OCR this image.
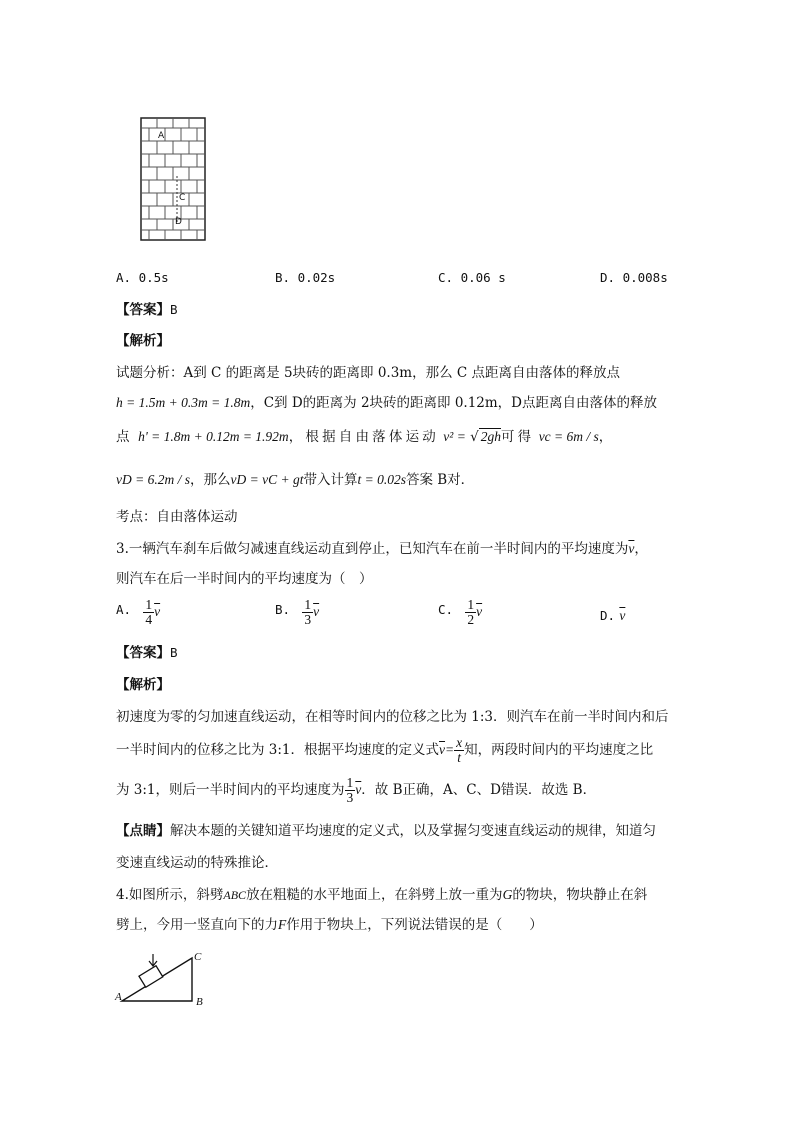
A
C
D
A. 0.5s	B. 0.02s	C. 0.06 s	D. 0.008s
【答案】B
【解析】
试题分析：A到 C 的距离是 5块砖的距离即 0.3m，那么 C 点距离自由落体的释放点
h = 1.5m + 0.3m = 1.8m，C到 D的距离为 2块砖的距离即 0.12m，D点距离自由落体的释放
点 h' = 1.8m + 0.12m = 1.92m，根据自由落体运动 v² = √ 2gh可得 vc = 6m / s，
vD = 6.2m / s，那么vD = vC + gt带入计算t = 0.02s答案 B对．
考点：自由落体运动
3.一辆汽车刹车后做匀减速直线运动直到停止，已知汽车在前一半时间内的平均速度为$\overline{v}$，
则汽车在后一半时间内的平均速度为（　）
A. $\frac{1}{4} \overline{v}$	B. $\frac{1}{3} \overline{v}$	C. $\frac{1}{2} \overline{v}$	D. $\overline{v}$
【答案】B
【解析】
初速度为零的匀加速直线运动，在相等时间内的位移之比为 1:3．则汽车在前一半时间内和后
一半时间内的位移之比为 3:1．根据平均速度的定义式$\overline{v}= \frac{x}{t}$ 知，两段时间内的平均速度之比
为 3:1，则后一半时间内的平均速度为 $\frac{1}{3} \overline{v}$．故 B正确，A、C、D错误．故选 B．
【点睛】解决本题的关键知道平均速度的定义式，以及掌握匀变速直线运动的规律，知道匀
变速直线运动的特殊推论．
4.如图所示，斜劈ABC放在粗糙的水平地面上，在斜劈上放一重为G的物块，物块静止在斜
劈上，今用一竖直向下的力F作用于物块上，下列说法错误的是（　　）
A	B
C
